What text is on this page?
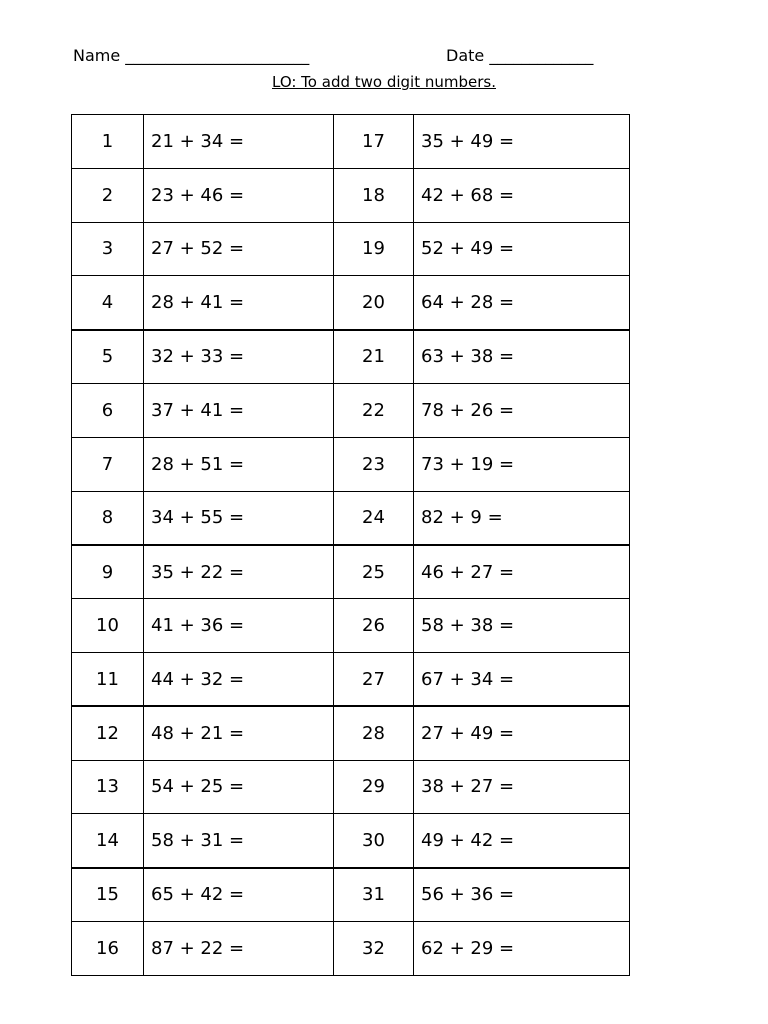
Name _______________________	Date _____________
LO: To add two digit numbers.
1	21 + 34 =	17	35 + 49 =
2	23 + 46 =	18	42 + 68 =
3	27 + 52 =	19	52 + 49 =
4	28 + 41 =	20	64 + 28 =
5	32 + 33 =	21	63 + 38 =
6	37 + 41 =	22	78 + 26 =
7	28 + 51 =	23	73 + 19 =
8	34 + 55 =	24	82 + 9 =
9	35 + 22 =	25	46 + 27 =
10	41 + 36 =	26	58 + 38 =
11	44 + 32 =	27	67 + 34 =
12	48 + 21 =	28	27 + 49 =
13	54 + 25 =	29	38 + 27 =
14	58 + 31 =	30	49 + 42 =
15	65 + 42 =	31	56 + 36 =
16	87 + 22 =	32	62 + 29 =
